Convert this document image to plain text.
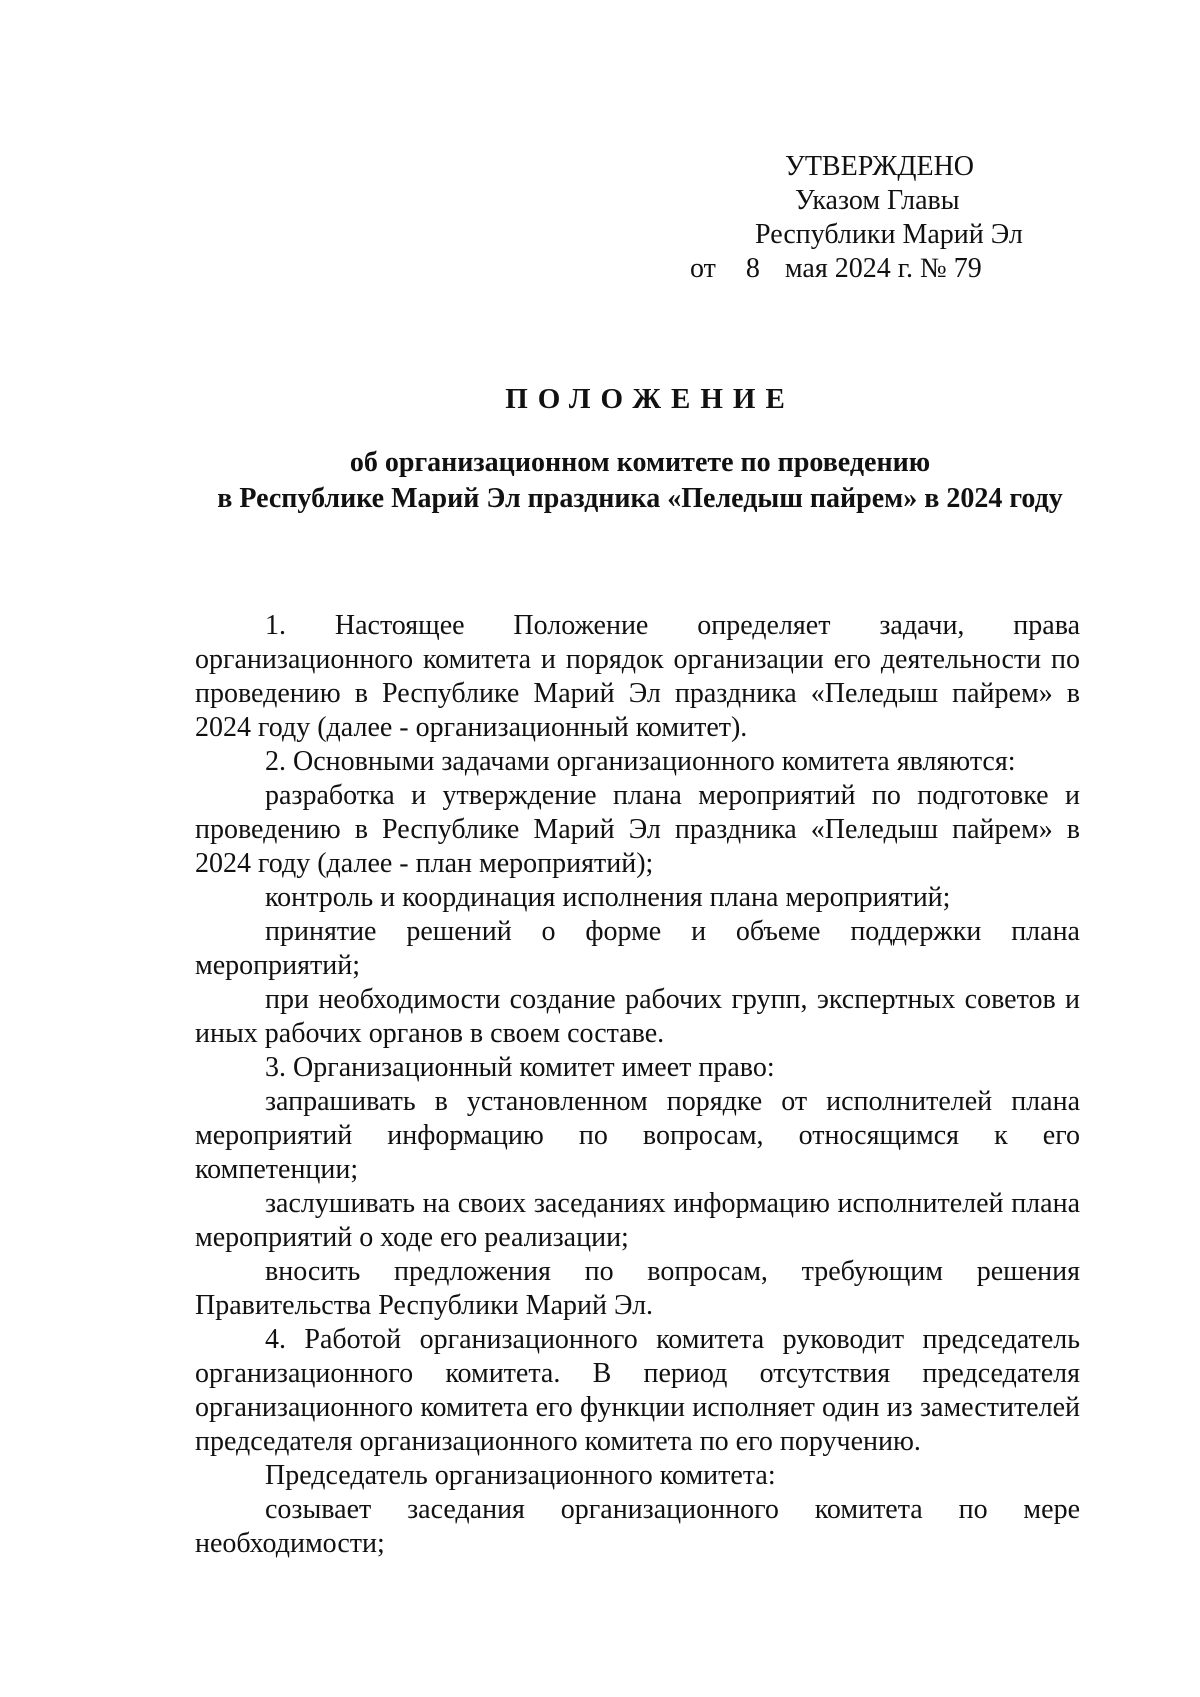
УТВЕРЖДЕНО
Указом Главы
Республики Марий Эл
от 8 мая 2024 г. № 79
ПОЛОЖЕНИЕ
об организационном комитете по проведению
в Республике Марий Эл праздника «Пеледыш пайрем» в 2024 году

1. Настоящее Положение определяет задачи, права организационного комитета и порядок организации его деятельности по проведению в Республике Марий Эл праздника «Пеледыш пайрем» в 2024 году (далее - организационный комитет).

2. Основными задачами организационного комитета являются:

разработка и утверждение плана мероприятий по подготовке и проведению в Республике Марий Эл праздника «Пеледыш пайрем» в 2024 году (далее - план мероприятий);

контроль и координация исполнения плана мероприятий;

принятие решений о форме и объеме поддержки плана мероприятий;

при необходимости создание рабочих групп, экспертных советов и иных рабочих органов в своем составе.

3. Организационный комитет имеет право:

запрашивать в установленном порядке от исполнителей плана мероприятий информацию по вопросам, относящимся к его компетенции;

заслушивать на своих заседаниях информацию исполнителей плана мероприятий о ходе его реализации;

вносить предложения по вопросам, требующим решения Правительства Республики Марий Эл.

4. Работой организационного комитета руководит председатель организационного комитета. В период отсутствия председателя организационного комитета его функции исполняет один из заместителей председателя организационного комитета по его поручению.

Председатель организационного комитета:

созывает заседания организационного комитета по мере необходимости;
